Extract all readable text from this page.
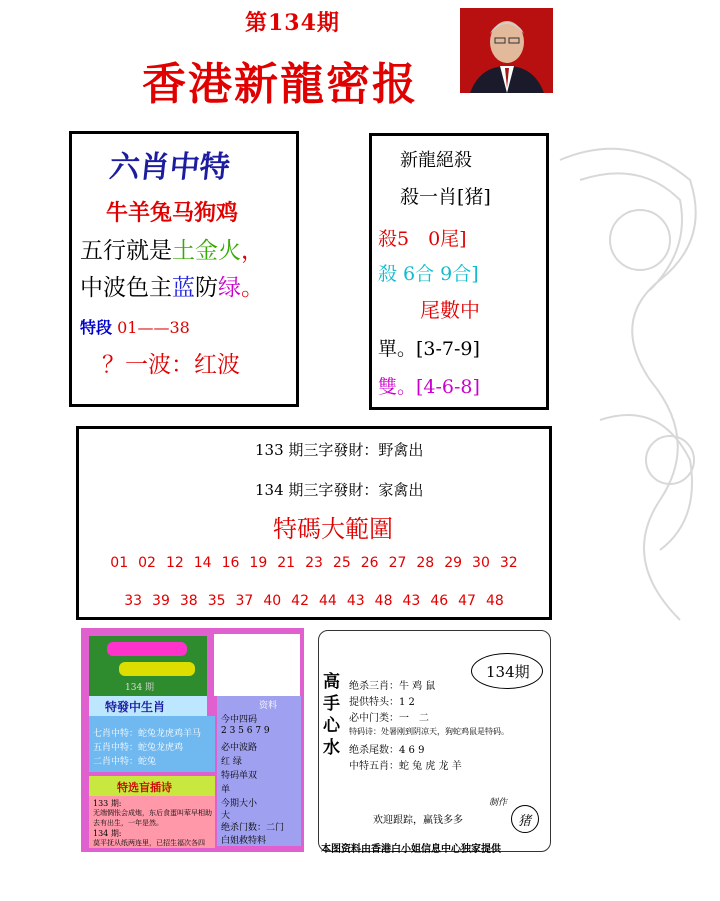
第134期
香港新龍密报
六肖中特
牛羊兔马狗鸡
五行就是土金火，
中波色主蓝防绿。
特段 01——38
？一波：红波
新龍絕殺
殺一肖[猪]
殺5　0尾]
殺 6合 9合]
尾數中
單。[3-7-9]
雙。[4-6-8]
133 期三字發財：野禽出
134 期三字發財：家禽出
特碼大範圍
01 02 12 14 16 19 21 23 25 26 27 28 29 30 32
33 39 38 35 37 40 42 44 43 48 43 46 47 48
134 期
特發中生肖
七肖中特：蛇兔龙虎鸡羊马
五肖中特：蛇兔龙虎鸡
二肖中特：蛇兔
特选盲插诗
133 期:
无端惆怅会成炮，东后食蛋叫荤早相助
去有出生，一年是然。
134 期:
莫平抚从纸两连里，已招生福次各四
资料
今中四码
2 3 5 6 7 9
必中波路
红 绿
特码单双
单
今期大小
大
绝杀门数：二门
白姐救特料
高
手
心
水
134期
绝杀三肖：牛 鸡 鼠
提供特头：1 2
必中门类：一　二
特码诗：处暑刚到阴凉天，狗蛇鸡鼠是特码。
绝杀尾数：4 6 9
中特五肖：蛇 兔 虎 龙 羊
欢迎跟踪，赢钱多多
制作
猪
本图资料由香港白小姐信息中心独家提供
